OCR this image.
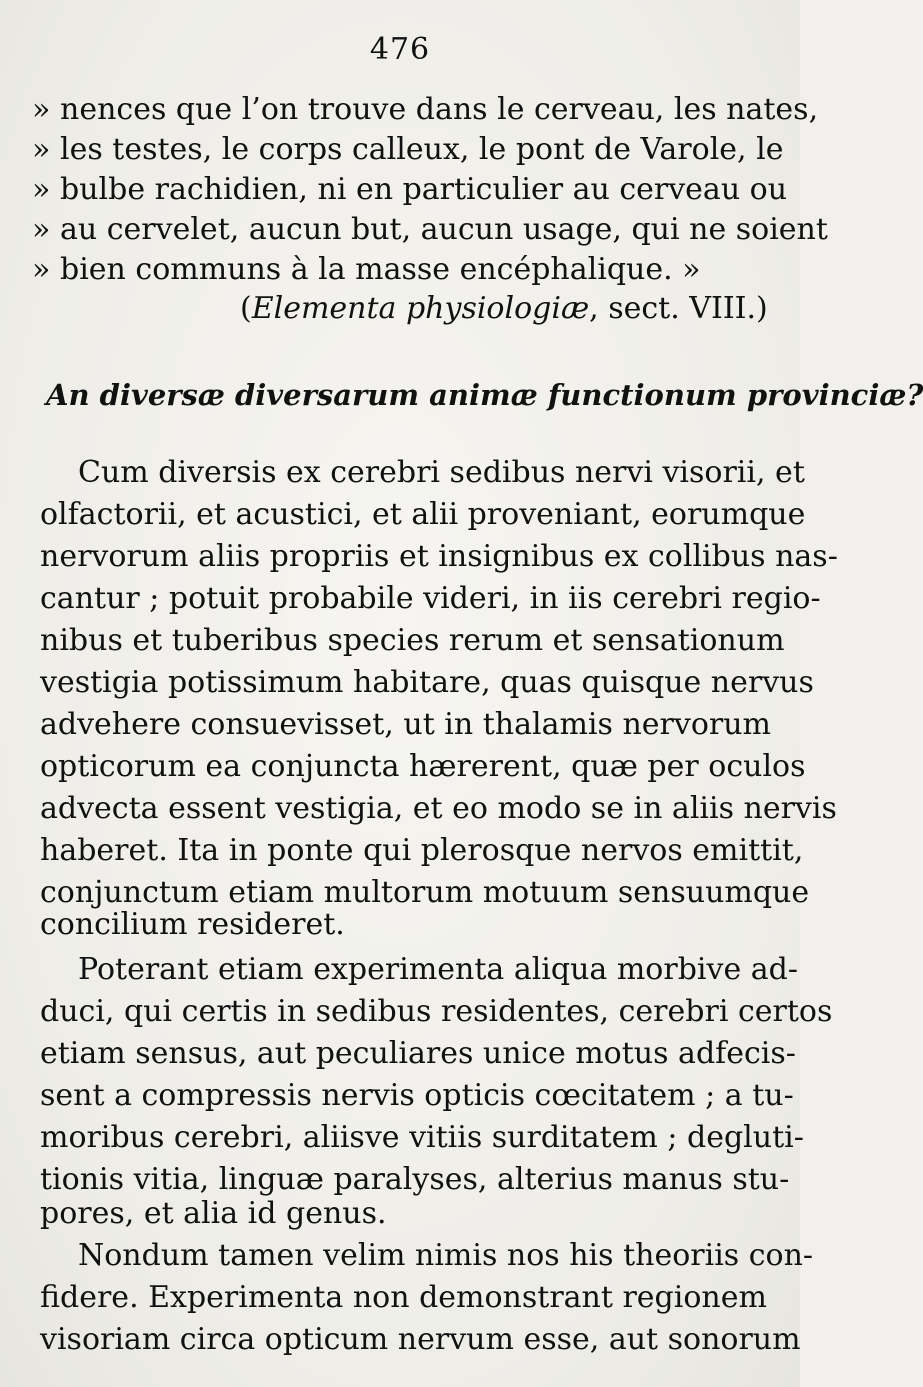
476
» nences que l’on trouve dans le cerveau, les nates,
» les testes, le corps calleux, le pont de Varole, le
» bulbe rachidien, ni en particulier au cerveau ou
» au cervelet, aucun but, aucun usage, qui ne soient
» bien communs à la masse encéphalique. »
(Elementa physiologiæ, sect. VIII.)
An diversæ diversarum animæ functionum provinciæ?
Cum diversis ex cerebri sedibus nervi visorii, et
olfactorii, et acustici, et alii proveniant, eorumque
nervorum aliis propriis et insignibus ex collibus nas-
cantur ; potuit probabile videri, in iis cerebri regio-
nibus et tuberibus species rerum et sensationum
vestigia potissimum habitare, quas quisque nervus
advehere consuevisset, ut in thalamis nervorum
opticorum ea conjuncta hærerent, quæ per oculos
advecta essent vestigia, et eo modo se in aliis nervis
haberet. Ita in ponte qui plerosque nervos emittit,
conjunctum etiam multorum motuum sensuumque
concilium resideret.
Poterant etiam experimenta aliqua morbive ad-
duci, qui certis in sedibus residentes, cerebri certos
etiam sensus, aut peculiares unice motus adfecis-
sent a compressis nervis opticis cœcitatem ; a tu-
moribus cerebri, aliisve vitiis surditatem ; degluti-
tionis vitia, linguæ paralyses, alterius manus stu-
pores, et alia id genus.
Nondum tamen velim nimis nos his theoriis con-
fidere. Experimenta non demonstrant regionem
visoriam circa opticum nervum esse, aut sonorum
